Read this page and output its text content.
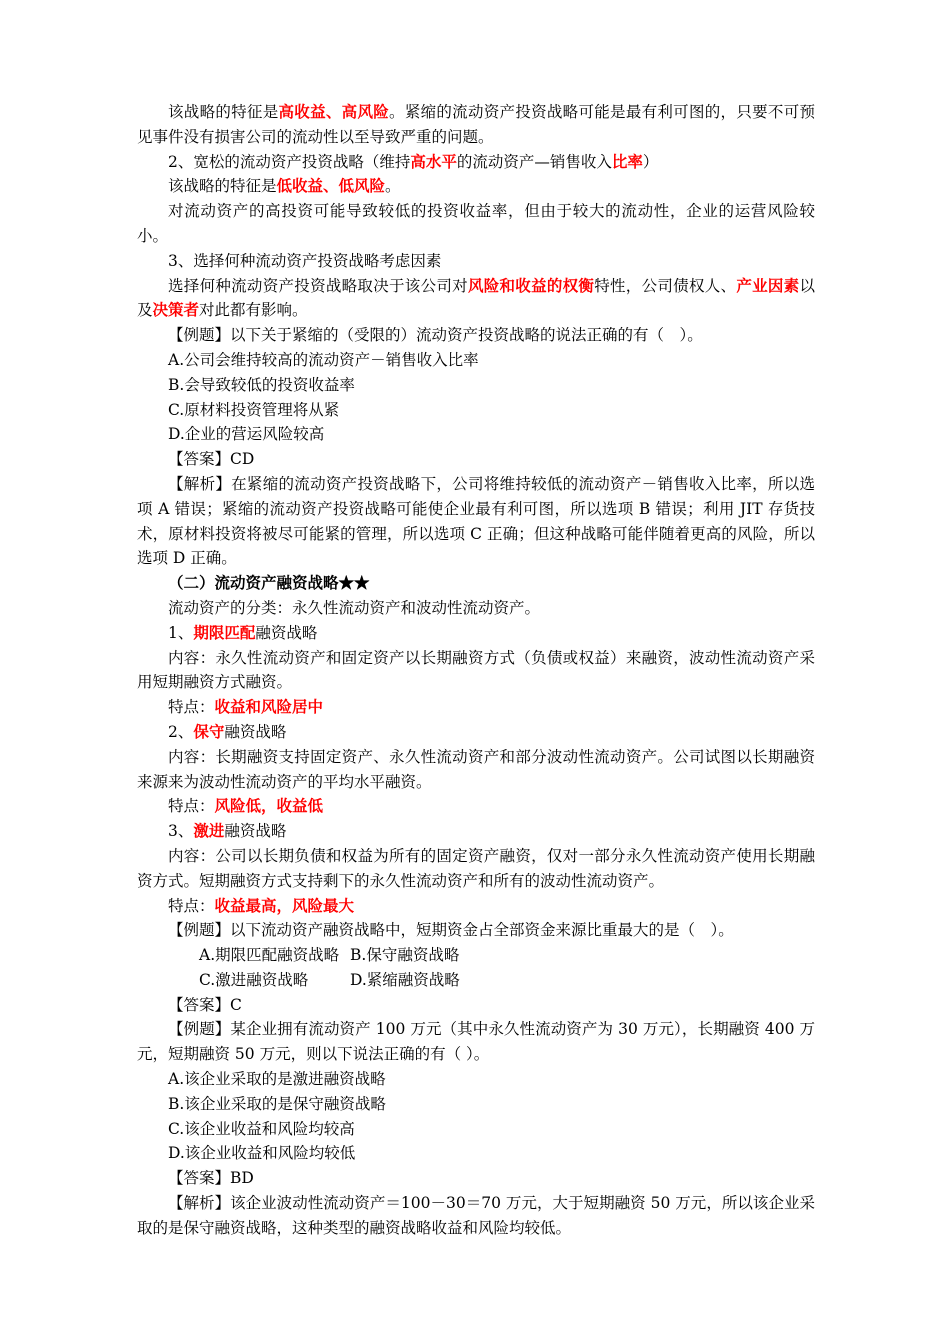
该战略的特征是高收益、高风险。紧缩的流动资产投资战略可能是最有利可图的，只要不可预见事件没有损害公司的流动性以至导致严重的问题。

2、宽松的流动资产投资战略（维持高水平的流动资产—销售收入比率）

该战略的特征是低收益、低风险。

对流动资产的高投资可能导致较低的投资收益率，但由于较大的流动性，企业的运营风险较小。

3、选择何种流动资产投资战略考虑因素

选择何种流动资产投资战略取决于该公司对风险和收益的权衡特性，公司债权人、产业因素以及决策者对此都有影响。

【例题】以下关于紧缩的（受限的）流动资产投资战略的说法正确的有（　）。

A.公司会维持较高的流动资产－销售收入比率

B.会导致较低的投资收益率

C.原材料投资管理将从紧

D.企业的营运风险较高

【答案】CD

【解析】在紧缩的流动资产投资战略下，公司将维持较低的流动资产－销售收入比率，所以选项 A 错误；紧缩的流动资产投资战略可能使企业最有利可图，所以选项 B 错误；利用 JIT 存货技术，原材料投资将被尽可能紧的管理，所以选项 C 正确；但这种战略可能伴随着更高的风险，所以选项 D 正确。

（二）流动资产融资战略★★

流动资产的分类：永久性流动资产和波动性流动资产。

1、期限匹配融资战略

内容：永久性流动资产和固定资产以长期融资方式（负债或权益）来融资，波动性流动资产采用短期融资方式融资。

特点：收益和风险居中

2、保守融资战略

内容：长期融资支持固定资产、永久性流动资产和部分波动性流动资产。公司试图以长期融资来源来为波动性流动资产的平均水平融资。

特点：风险低，收益低

3、激进融资战略

内容：公司以长期负债和权益为所有的固定资产融资，仅对一部分永久性流动资产使用长期融资方式。短期融资方式支持剩下的永久性流动资产和所有的波动性流动资产。

特点：收益最高，风险最大

【例题】以下流动资产融资战略中，短期资金占全部资金来源比重最大的是（　）。

A.期限匹配融资战略 B.保守融资战略

C.激进融资战略	D.紧缩融资战略

【答案】C

【例题】某企业拥有流动资产 100 万元（其中永久性流动资产为 30 万元），长期融资 400 万元，短期融资 50 万元，则以下说法正确的有（ ）。

A.该企业采取的是激进融资战略

B.该企业采取的是保守融资战略

C.该企业收益和风险均较高

D.该企业收益和风险均较低

【答案】BD

【解析】该企业波动性流动资产＝100－30＝70 万元，大于短期融资 50 万元，所以该企业采取的是保守融资战略，这种类型的融资战略收益和风险均较低。
